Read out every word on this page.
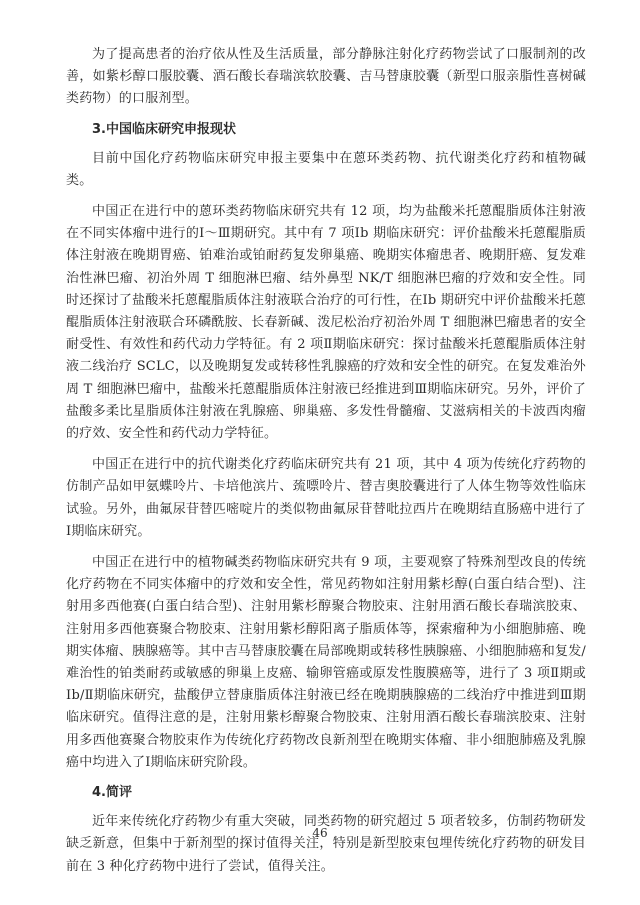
为了提高患者的治疗依从性及生活质量，部分静脉注射化疗药物尝试了口服制剂的改善，如紫杉醇口服胶囊、酒石酸长春瑞滨软胶囊、吉马替康胶囊（新型口服亲脂性喜树碱类药物）的口服剂型。

3.中国临床研究申报现状

目前中国化疗药物临床研究申报主要集中在蒽环类药物、抗代谢类化疗药和植物碱类。

中国正在进行中的蒽环类药物临床研究共有 12 项，均为盐酸米托蒽醌脂质体注射液在不同实体瘤中进行的Ⅰ～Ⅲ期研究。其中有 7 项Ⅰb 期临床研究：评价盐酸米托蒽醌脂质体注射液在晚期胃癌、铂难治或铂耐药复发卵巢癌、晚期实体瘤患者、晚期肝癌、复发难治性淋巴瘤、初治外周 T 细胞淋巴瘤、结外鼻型 NK/T 细胞淋巴瘤的疗效和安全性。同时还探讨了盐酸米托蒽醌脂质体注射液联合治疗的可行性，在Ⅰb 期研究中评价盐酸米托蒽醌脂质体注射液联合环磷酰胺、长春新碱、泼尼松治疗初治外周 T 细胞淋巴瘤患者的安全耐受性、有效性和药代动力学特征。有 2 项Ⅱ期临床研究：探讨盐酸米托蒽醌脂质体注射液二线治疗 SCLC，以及晚期复发或转移性乳腺癌的疗效和安全性的研究。在复发难治外周 T 细胞淋巴瘤中，盐酸米托蒽醌脂质体注射液已经推进到Ⅲ期临床研究。另外，评价了盐酸多柔比星脂质体注射液在乳腺癌、卵巢癌、多发性骨髓瘤、艾滋病相关的卡波西肉瘤的疗效、安全性和药代动力学特征。

中国正在进行中的抗代谢类化疗药临床研究共有 21 项，其中 4 项为传统化疗药物的仿制产品如甲氨蝶呤片、卡培他滨片、巯嘌呤片、替吉奥胶囊进行了人体生物等效性临床试验。另外，曲氟尿苷替匹嘧啶片的类似物曲氟尿苷替吡拉西片在晚期结直肠癌中进行了Ⅰ期临床研究。

中国正在进行中的植物碱类药物临床研究共有 9 项，主要观察了特殊剂型改良的传统化疗药物在不同实体瘤中的疗效和安全性，常见药物如注射用紫杉醇(白蛋白结合型)、注射用多西他赛(白蛋白结合型)、注射用紫杉醇聚合物胶束、注射用酒石酸长春瑞滨胶束、注射用多西他赛聚合物胶束、注射用紫杉醇阳离子脂质体等，探索瘤种为小细胞肺癌、晚期实体瘤、胰腺癌等。其中吉马替康胶囊在局部晚期或转移性胰腺癌、小细胞肺癌和复发/难治性的铂类耐药或敏感的卵巢上皮癌、输卵管癌或原发性腹膜癌等，进行了 3 项Ⅱ期或Ⅰb/Ⅱ期临床研究，盐酸伊立替康脂质体注射液已经在晚期胰腺癌的二线治疗中推进到Ⅲ期临床研究。值得注意的是，注射用紫杉醇聚合物胶束、注射用酒石酸长春瑞滨胶束、注射用多西他赛聚合物胶束作为传统化疗药物改良新剂型在晚期实体瘤、非小细胞肺癌及乳腺癌中均进入了Ⅰ期临床研究阶段。

4.简评

近年来传统化疗药物少有重大突破，同类药物的研究超过 5 项者较多，仿制药物研发缺乏新意，但集中于新剂型的探讨值得关注，特别是新型胶束包埋传统化疗药物的研发目前在 3 种化疗药物中进行了尝试，值得关注。

46
